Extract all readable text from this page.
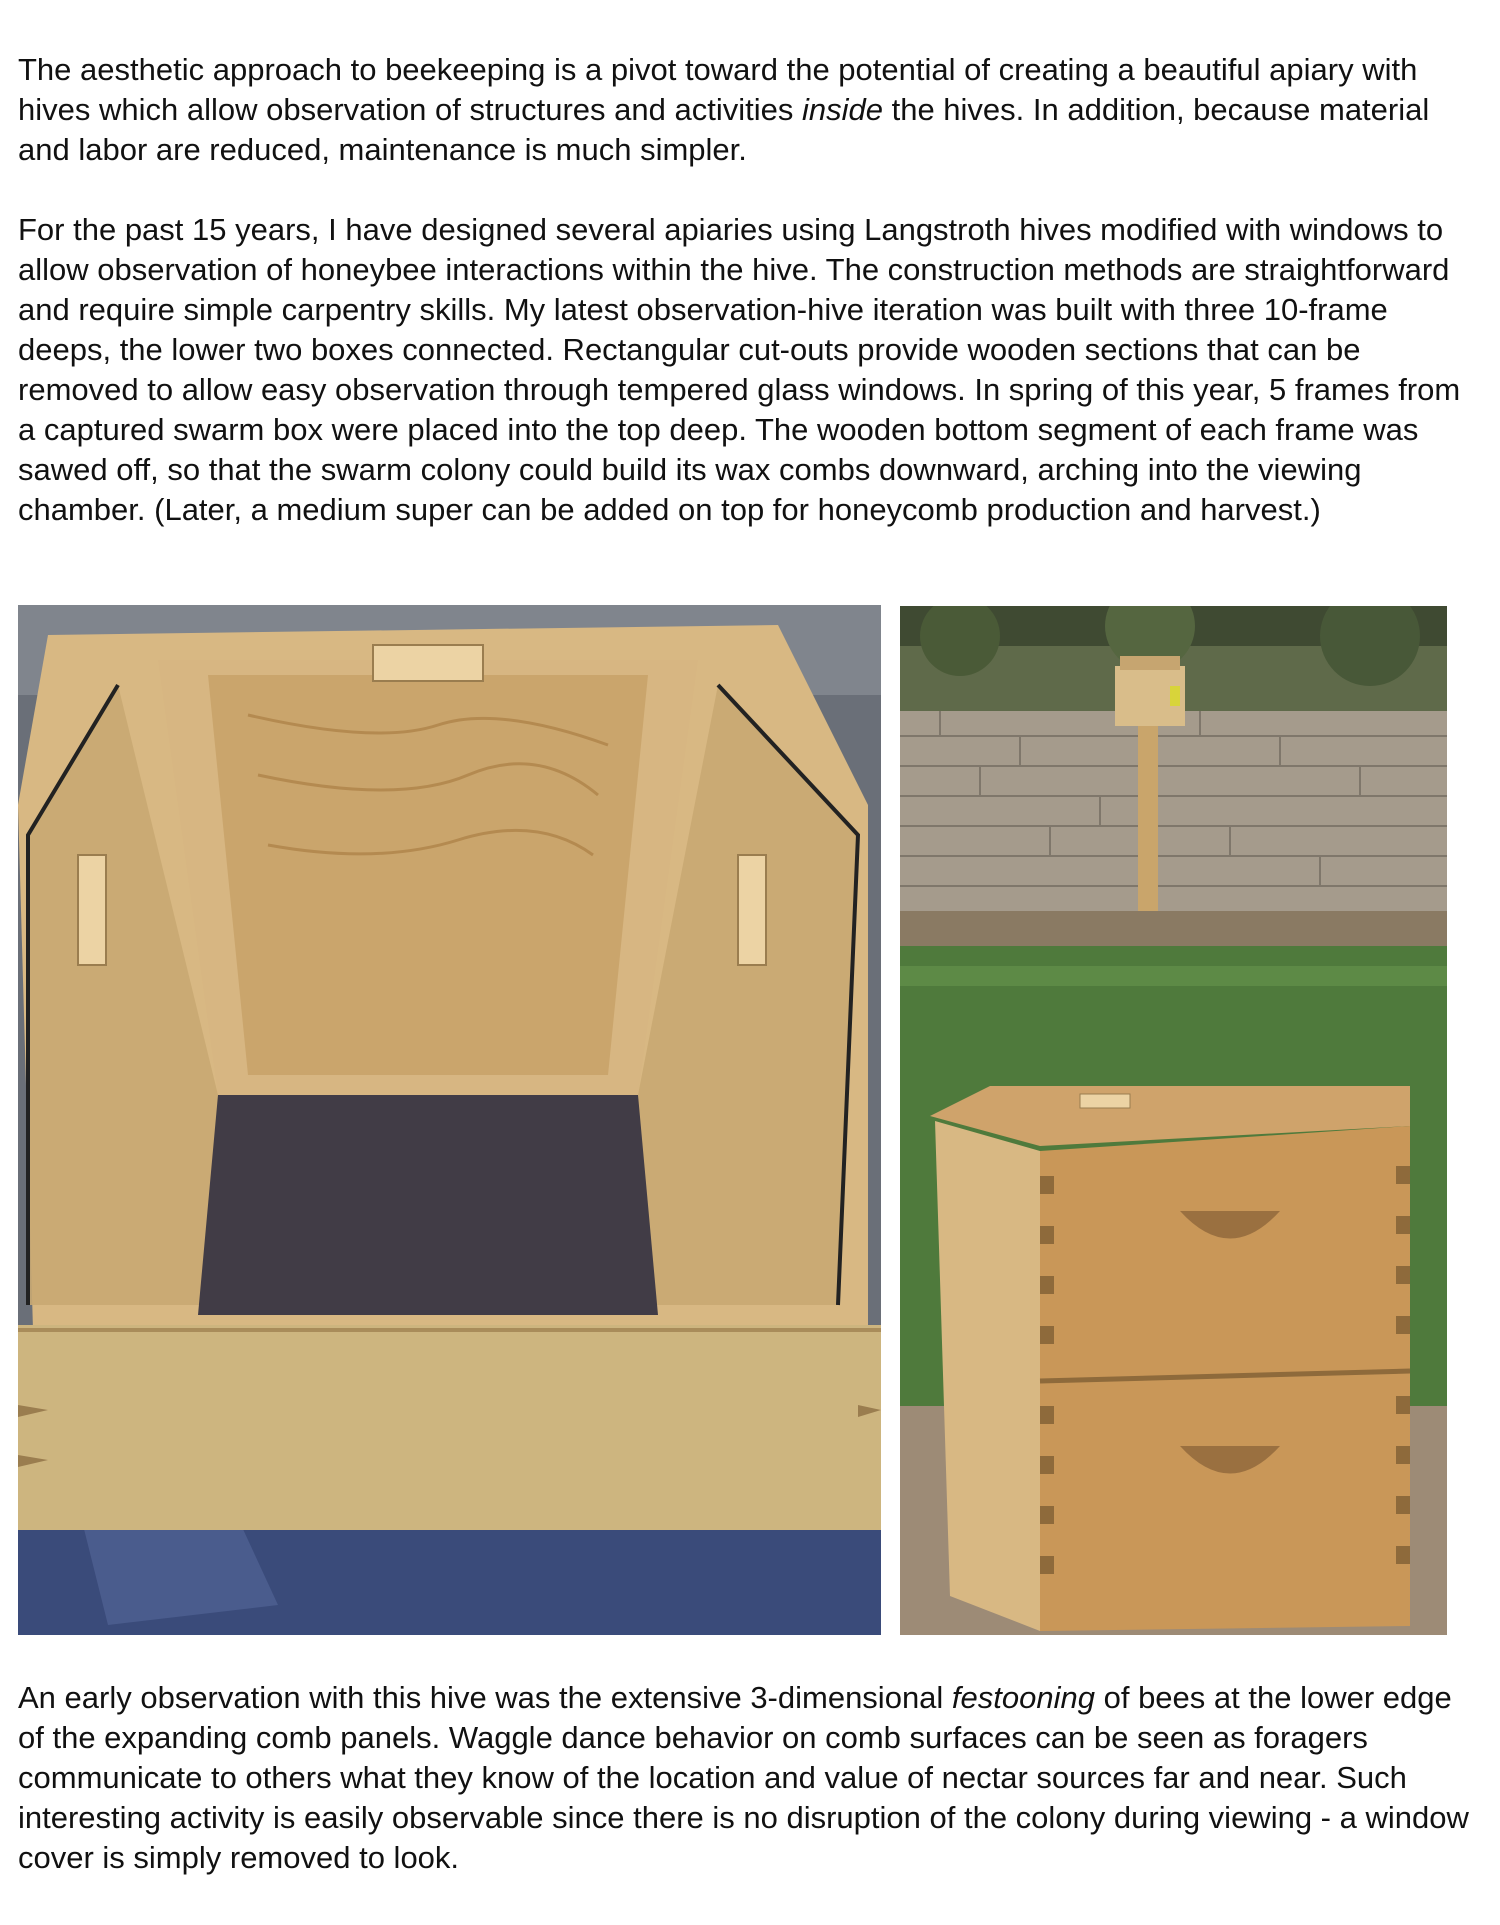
The aesthetic approach to beekeeping is a pivot toward the potential of creating a beautiful apiary with hives which allow observation of structures and activities inside the hives. In addition, because material and labor are reduced, maintenance is much simpler.

For the past 15 years, I have designed several apiaries using Langstroth hives modified with windows to allow observation of honeybee interactions within the hive. The construction methods are straightforward and require simple carpentry skills. My latest observation-hive iteration was built with three 10-frame deeps, the lower two boxes connected. Rectangular cut-outs provide wooden sections that can be removed to allow easy observation through tempered glass windows. In spring of this year, 5 frames from a captured swarm box were placed into the top deep. The wooden bottom segment of each frame was sawed off, so that the swarm colony could build its wax combs downward, arching into the viewing chamber. (Later, a medium super can be added on top for honeycomb production and harvest.)

An early observation with this hive was the extensive 3-dimensional festooning of bees at the lower edge of the expanding comb panels. Waggle dance behavior on comb surfaces can be seen as foragers communicate to others what they know of the location and value of nectar sources far and near. Such interesting activity is easily observable since there is no disruption of the colony during viewing - a window cover is simply removed to look.
